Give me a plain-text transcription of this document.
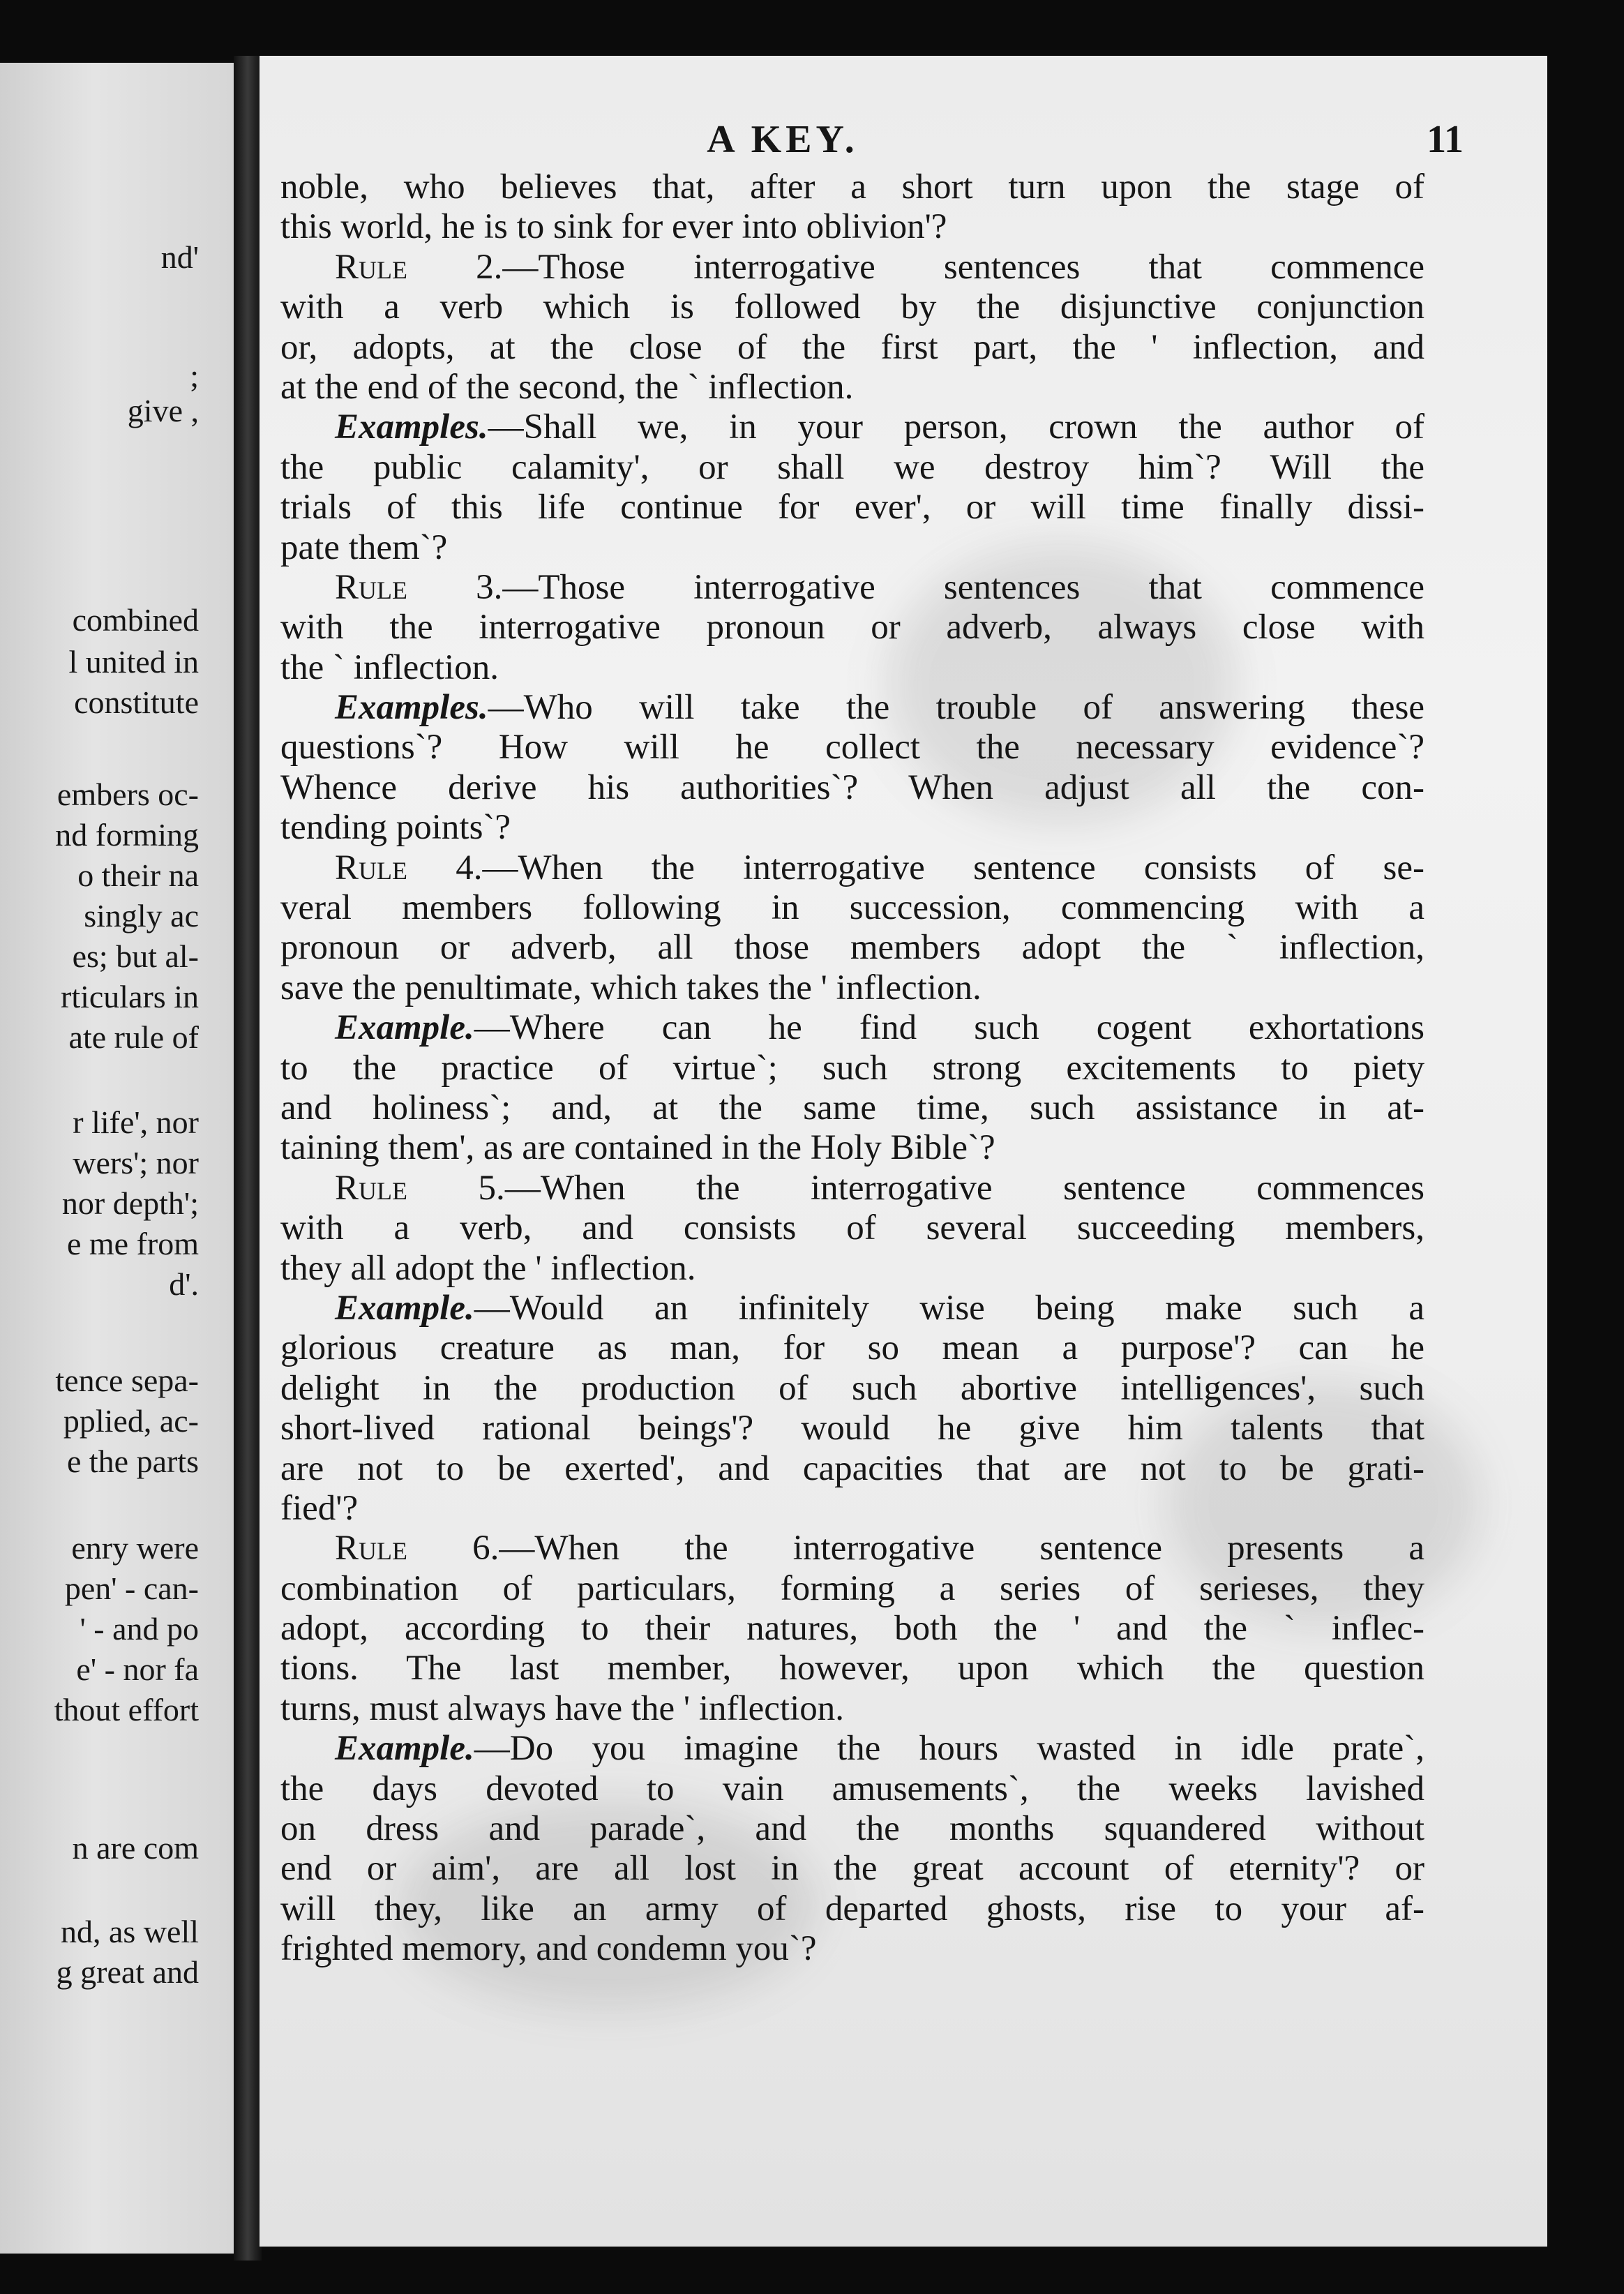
nd'
;
give ,
combined
l united in
constitute
embers oc-
nd forming
o their na
singly ac
es; but al-
rticulars in
ate rule of
r life', nor
wers'; nor
nor depth';
e me from
d'.
tence sepa-
pplied, ac-
e the parts
enry were
pen' - can-
' - and po
e' - nor fa
thout effort
n are com
nd, as well
g great and
A KEY.	11
noble, who believes that, after a short turn upon the stage of
this world, he is to sink for ever into oblivion'?
Rule 2.—Those interrogative sentences that commence
with a verb which is followed by the disjunctive conjunction
or, adopts, at the close of the first part, the ' inflection, and
at the end of the second, the ` inflection.
Examples.—Shall we, in your person, crown the author of
the public calamity', or shall we destroy him`? Will the
trials of this life continue for ever', or will time finally dissi-
pate them`?
Rule 3.—Those interrogative sentences that commence
with the interrogative pronoun or adverb, always close with
the ` inflection.
Examples.—Who will take the trouble of answering these
questions`? How will he collect the necessary evidence`?
Whence derive his authorities`? When adjust all the con-
tending points`?
Rule 4.—When the interrogative sentence consists of se-
veral members following in succession, commencing with a
pronoun or adverb, all those members adopt the ` inflection,
save the penultimate, which takes the ' inflection.
Example.—Where can he find such cogent exhortations
to the practice of virtue`; such strong excitements to piety
and holiness`; and, at the same time, such assistance in at-
taining them', as are contained in the Holy Bible`?
Rule 5.—When the interrogative sentence commences
with a verb, and consists of several succeeding members,
they all adopt the ' inflection.
Example.—Would an infinitely wise being make such a
glorious creature as man, for so mean a purpose'? can he
delight in the production of such abortive intelligences', such
short-lived rational beings'? would he give him talents that
are not to be exerted', and capacities that are not to be grati-
fied'?
Rule 6.—When the interrogative sentence presents a
combination of particulars, forming a series of serieses, they
adopt, according to their natures, both the ' and the ` inflec-
tions. The last member, however, upon which the question
turns, must always have the ' inflection.
Example.—Do you imagine the hours wasted in idle prate`,
the days devoted to vain amusements`, the weeks lavished
on dress and parade`, and the months squandered without
end or aim', are all lost in the great account of eternity'? or
will they, like an army of departed ghosts, rise to your af-
frighted memory, and condemn you`?
